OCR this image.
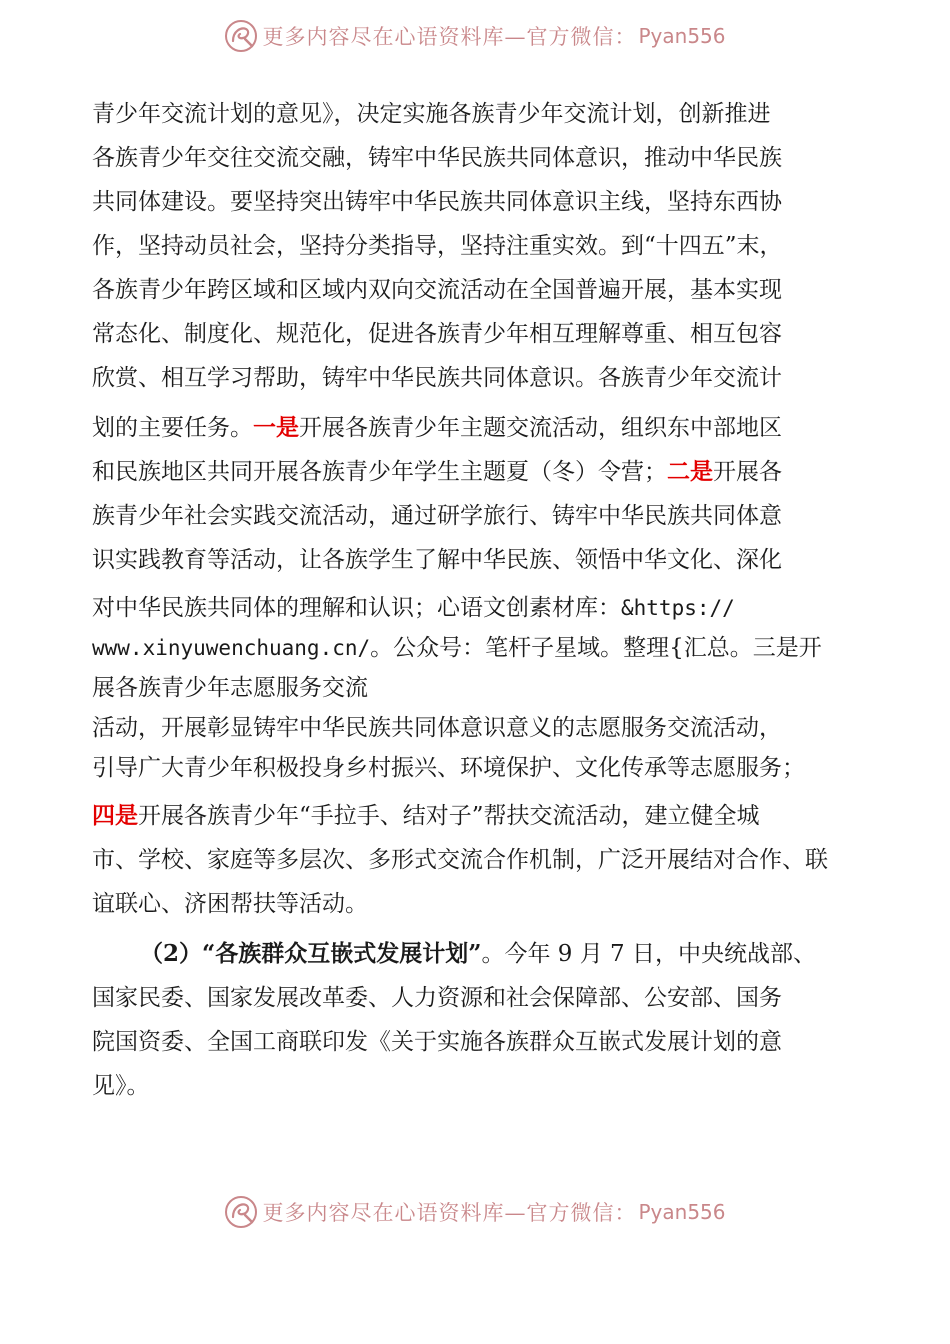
更多内容尽在心语资料库—官方微信： Pyan556
青少年交流计划的意见》，决定实施各族青少年交流计划，创新推进
各族青少年交往交流交融，铸牢中华民族共同体意识，推动中华民族
共同体建设。要坚持突出铸牢中华民族共同体意识主线，坚持东西协
作，坚持动员社会，坚持分类指导，坚持注重实效。到“十四五”末，
各族青少年跨区域和区域内双向交流活动在全国普遍开展，基本实现
常态化、制度化、规范化，促进各族青少年相互理解尊重、相互包容
欣赏、相互学习帮助，铸牢中华民族共同体意识。各族青少年交流计
划的主要任务。一是开展各族青少年主题交流活动，组织东中部地区
和民族地区共同开展各族青少年学生主题夏（冬）令营；二是开展各
族青少年社会实践交流活动，通过研学旅行、铸牢中华民族共同体意
识实践教育等活动，让各族学生了解中华民族、领悟中华文化、深化
对中华民族共同体的理解和认识；心语文创素材库：&https://
www.xinyuwenchuang.cn/。公众号：笔杆子星域。整理{汇总。三是开
展各族青少年志愿服务交流
活动，开展彰显铸牢中华民族共同体意识意义的志愿服务交流活动，
引导广大青少年积极投身乡村振兴、环境保护、文化传承等志愿服务；
四是开展各族青少年“手拉手、结对子”帮扶交流活动，建立健全城
市、学校、家庭等多层次、多形式交流合作机制，广泛开展结对合作、联
谊联心、济困帮扶等活动。
（2）“各族群众互嵌式发展计划”。今年 9 月 7 日，中央统战部、
国家民委、国家发展改革委、人力资源和社会保障部、公安部、国务
院国资委、全国工商联印发《关于实施各族群众互嵌式发展计划的意
见》。
更多内容尽在心语资料库—官方微信： Pyan556
